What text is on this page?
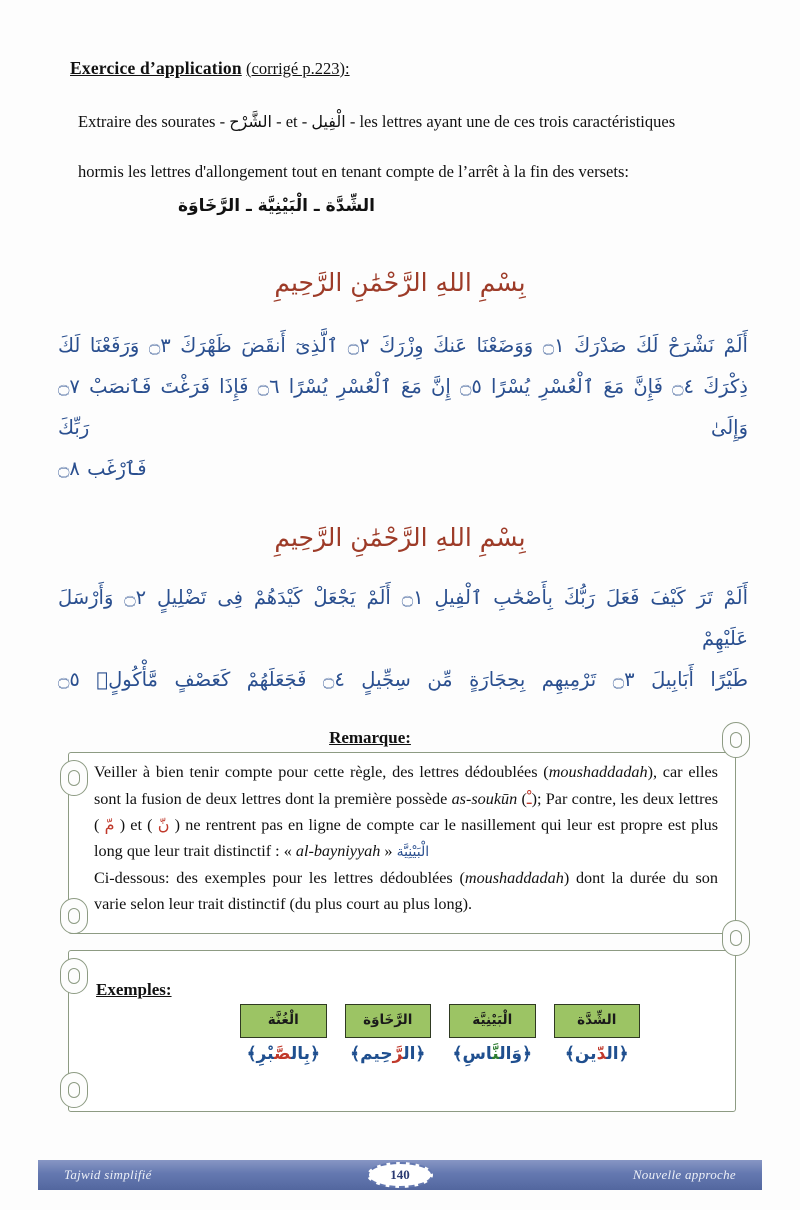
Exercice d’application (corrigé p.223):
Extraire des sourates - الشَّرْح - et - الْفِيل - les lettres ayant une de ces trois caractéristiques
hormis les lettres d'allongement tout en tenant compte de l’arrêt à la fin des versets:
الشِّدَّة ـ الْبَيْنِيَّة ـ الرَّخَاوَة
بِسْمِ اللهِ الرَّحْمَٰنِ الرَّحِيمِ
أَلَمْ نَشْرَحْ لَكَ صَدْرَكَ ۝١ وَوَضَعْنَا عَنكَ وِزْرَكَ ۝٢ ٱلَّذِىٓ أَنقَضَ ظَهْرَكَ ۝٣ وَرَفَعْنَا لَكَ
ذِكْرَكَ ۝٤ فَإِنَّ مَعَ ٱلْعُسْرِ يُسْرًا ۝٥ إِنَّ مَعَ ٱلْعُسْرِ يُسْرًا ۝٦ فَإِذَا فَرَغْتَ فَٱنصَبْ ۝٧ وَإِلَىٰ رَبِّكَ
فَٱرْغَب ۝٨
بِسْمِ اللهِ الرَّحْمَٰنِ الرَّحِيمِ
أَلَمْ تَرَ كَيْفَ فَعَلَ رَبُّكَ بِأَصْحَٰبِ ٱلْفِيلِ ۝١ أَلَمْ يَجْعَلْ كَيْدَهُمْ فِى تَضْلِيلٍ ۝٢ وَأَرْسَلَ عَلَيْهِمْ
طَيْرًا أَبَابِيلَ ۝٣ تَرْمِيهِم بِحِجَارَةٍ مِّن سِجِّيلٍ ۝٤ فَجَعَلَهُمْ كَعَصْفٍ مَّأْكُولٍۭ ۝٥
Remarque:

Veiller à bien tenir compte pour cette règle, des lettres dédoublées (moushaddadah), car elles sont la fusion de deux lettres dont la première possède as-soukūn (ـْ); Par contre, les deux lettres ( مّ ) et ( نّ ) ne rentrent pas en ligne de compte car le nasillement qui leur est propre est plus long que leur trait distinctif : « al-bayniyyah » الْبَيْنِيَّة

Ci-dessous: des exemples pour les lettres dédoublées (moushaddadah) dont la durée du son varie selon leur trait distinctif (du plus court au plus long).

Exemples:
الشِّدَّة
﴿الدّين﴾
الْبَيْنِيَّة
﴿وَالنَّاسِ﴾
الرَّخَاوَة
﴿الرَّحِيم﴾
الْغُنَّة
﴿بِالصَّبْرِ﴾
Tajwid simplifié	140	Nouvelle approche
